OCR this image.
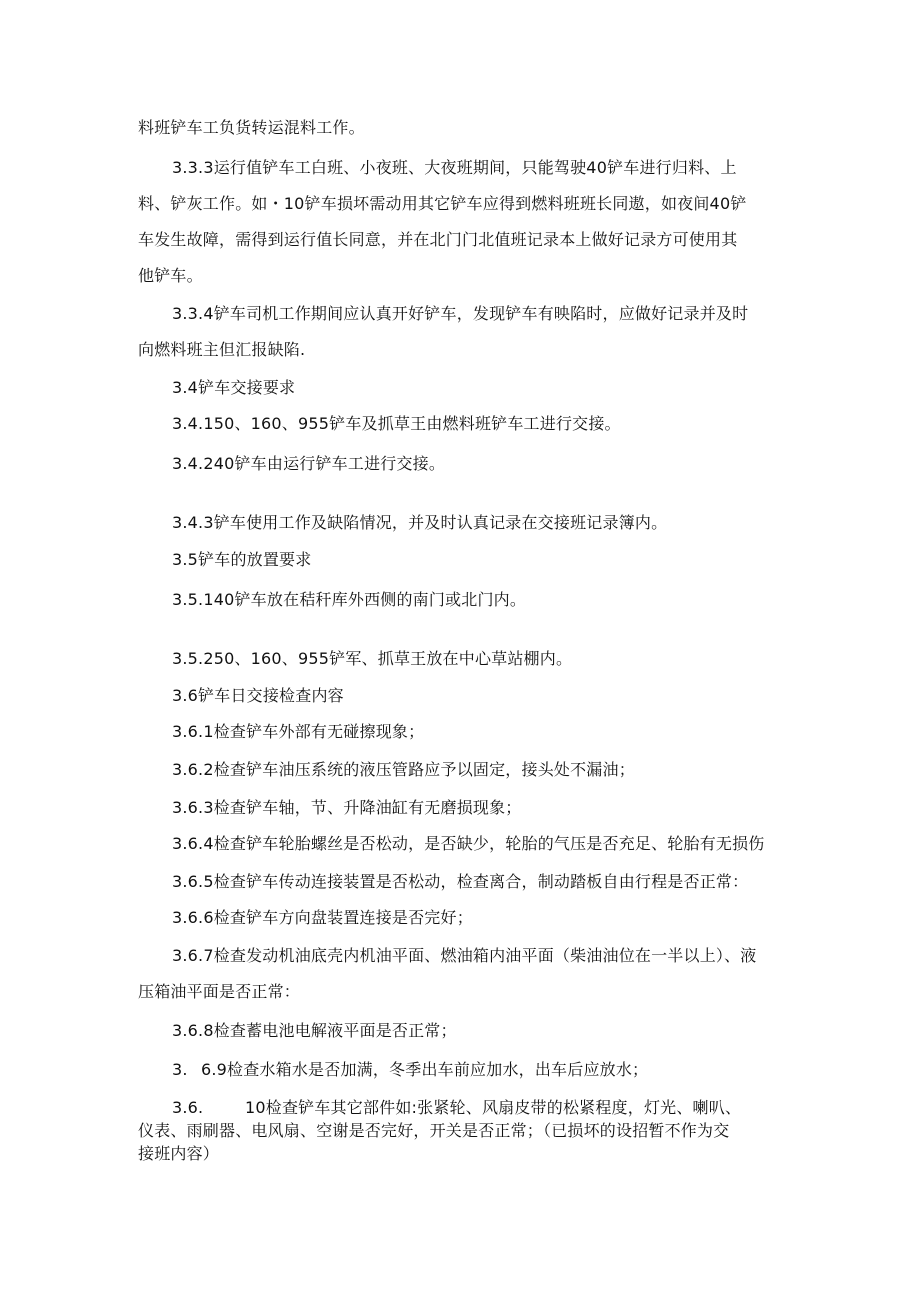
料班铲车工负货转运混料工作。
3.3.3运行值铲车工白班、小夜班、大夜班期间，只能驾驶40铲车进行归料、上
料、铲灰工作。如・10铲车损坏需动用其它铲车应得到燃料班班长同遨，如夜间40铲
车发生故障，需得到运行值长同意，并在北门门北值班记录本上做好记录方可使用其
他铲车。
3.3.4铲车司机工作期间应认真开好铲车，发现铲车有映陷时，应做好记录并及时
向燃料班主但汇报缺陷.
3.4铲车交接要求
3.4.150、160、955铲车及抓草王由燃料班铲车工进行交接。
3.4.240铲车由运行铲车工进行交接。
3.4.3铲车使用工作及缺陷情况，并及时认真记录在交接班记录簿内。
3.5铲车的放置要求
3.5.140铲车放在秸秆库外西侧的南门或北门内。
3.5.250、160、955铲军、抓草王放在中心草站棚内。
3.6铲车日交接检查内容
3.6.1检查铲车外部有无碰擦现象；
3.6.2检查铲车油压系统的液压管路应予以固定，接头处不漏油；
3.6.3检查铲车轴，节、升降油缸有无磨损现象；
3.6.4检查铲车轮胎螺丝是否松动，是否缺少，轮胎的气压是否充足、轮胎有无损伤
3.6.5检查铲车传动连接装置是否松动，检查离合，制动踏板自由行程是否正常：
3.6.6检查铲车方向盘装置连接是否完好；
3.6.7检查发动机油底壳内机油平面、燃油箱内油平面（柴油油位在一半以上）、液
压箱油平面是否正常：
3.6.8检查蓄电池电解液平面是否正常；
3. 6.9检查水箱水是否加满，冬季出车前应加水，出车后应放水；
3.6.	10检查铲车其它部件如:张紧轮、风扇皮带的松紧程度，灯光、喇叭、
仪表、雨刷器、电风扇、空谢是否完好，开关是否正常；（已损坏的设招暂不作为交
接班内容）
